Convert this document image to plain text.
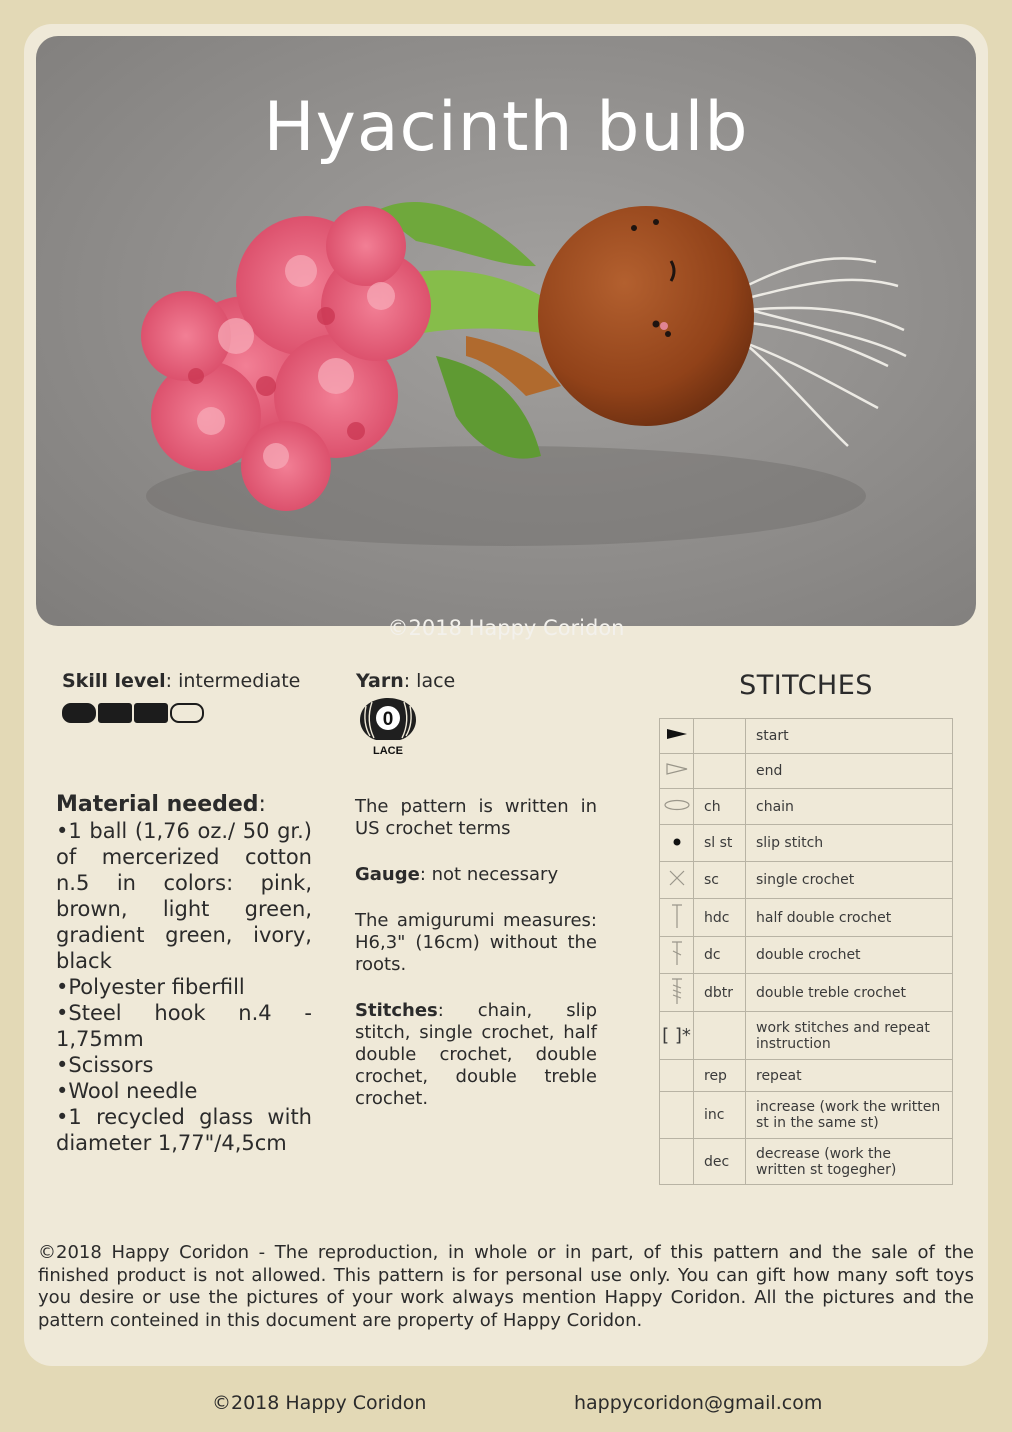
Hyacinth bulb
©2018 Happy Coridon
Skill level: intermediate	Yarn: lace
0
LACE
Material needed:
•1 ball (1,76 oz./ 50 gr.) of mercerized cotton n.5 in colors: pink, brown, light green, gradient green, ivory, black
•Polyester fiberfill
•Steel hook n.4 - 1,75mm
•Scissors
•Wool needle
•1 recycled glass with diameter 1,77"/4,5cm

The pattern is written in US crochet terms

Gauge: not necessary

The amigurumi measures: H6,3" (16cm) without the roots.

Stitches: chain, slip stitch, single crochet, half double crochet, double crochet, double treble crochet.

STITCHES
		start
		end
	ch	chain
	sl st	slip stitch
	sc	single crochet
	hdc	half double crochet
	dc	double crochet
	dbtr	double treble crochet
[ ]*		work stitches and repeat instruction
	rep	repeat
	inc	increase (work the written st in the same st)
	dec	decrease (work the written st togegher)
©2018 Happy Coridon - The reproduction, in whole or in part, of this pattern and the sale of the finished product is not allowed. This pattern is for personal use only. You can gift how many soft toys you desire or use the pictures of your work always mention Happy Coridon. All the pictures and the pattern conteined in this document are property of Happy Coridon.
©2018 Happy Coridon	happycoridon@gmail.com
